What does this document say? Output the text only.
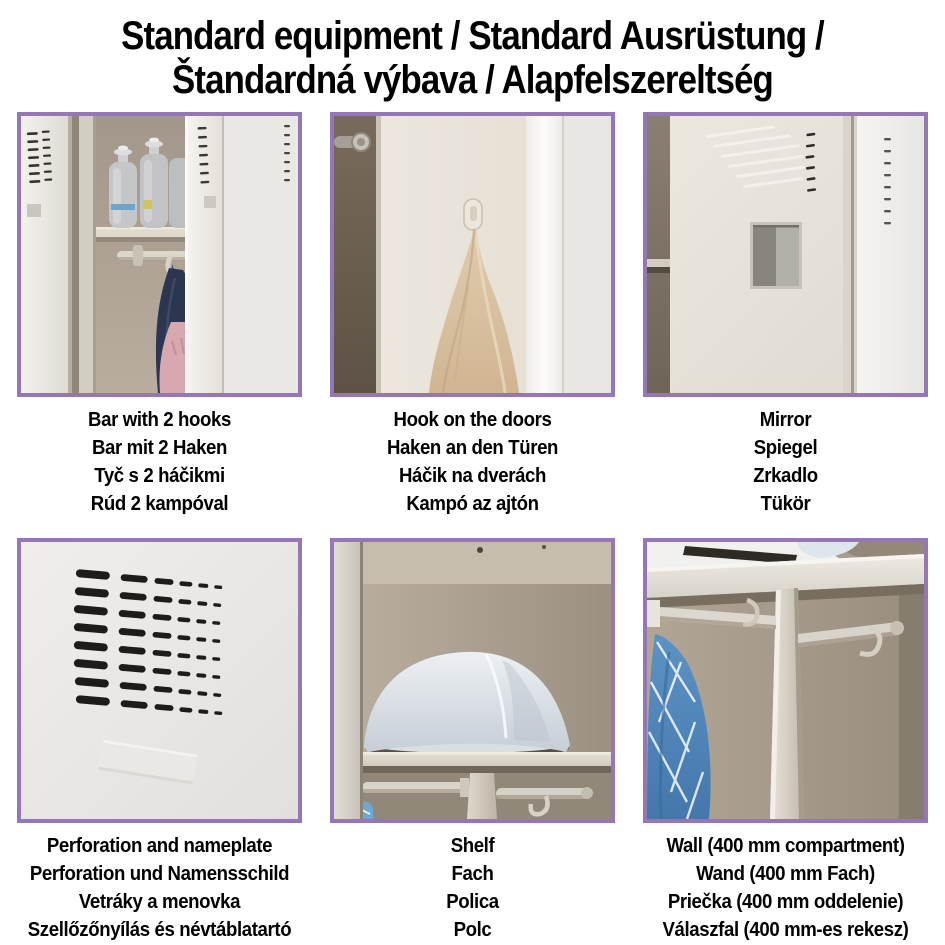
Standard equipment / Standard Ausrüstung /
Štandardná výbava / Alapfelszereltség
Bar with 2 hooks
Bar mit 2 Haken
Tyč s 2 háčikmi
Rúd 2 kampóval
Hook on the doors
Haken an den Türen
Háčik na dverách
Kampó az ajtón
Mirror
Spiegel
Zrkadlo
Tükör
Perforation and nameplate
Perforation und Namensschild
Vetráky a menovka
Szellőzőnyílás és névtáblatartó
Shelf
Fach
Polica
Polc
Wall (400 mm compartment)
Wand (400 mm Fach)
Priečka (400 mm oddelenie)
Válaszfal (400 mm-es rekesz)
